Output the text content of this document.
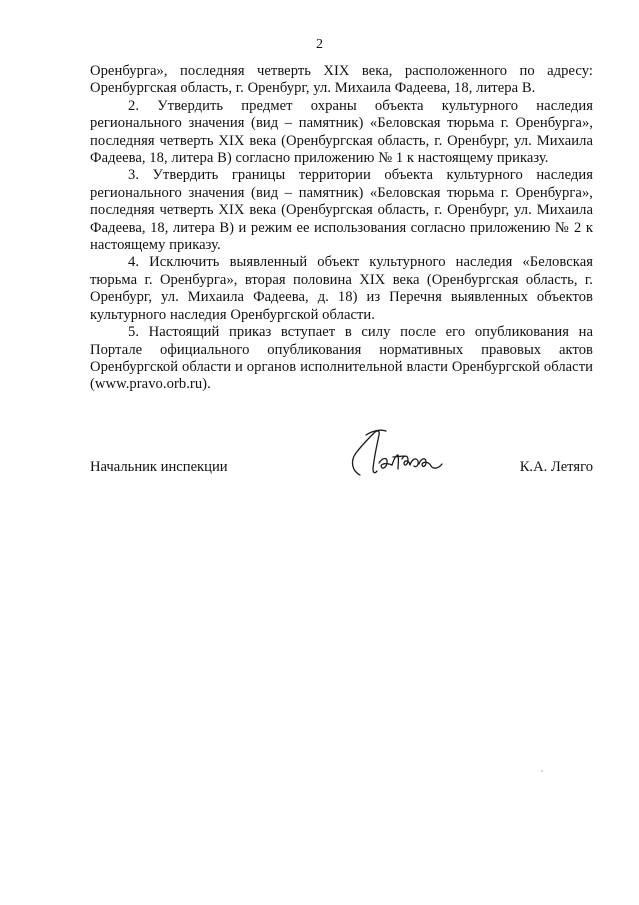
2

Оренбурга», последняя четверть XIX века, расположенного по адресу: Оренбургская область, г. Оренбург, ул. Михаила Фадеева, 18, литера В.

2. Утвердить предмет охраны объекта культурного наследия регионального значения (вид – памятник) «Беловская тюрьма г. Оренбурга», последняя четверть XIX века (Оренбургская область, г. Оренбург, ул. Михаила Фадеева, 18, литера В) согласно приложению № 1 к настоящему приказу.

3. Утвердить границы территории объекта культурного наследия регионального значения (вид – памятник) «Беловская тюрьма г. Оренбурга», последняя четверть XIX века (Оренбургская область, г. Оренбург, ул. Михаила Фадеева, 18, литера В) и режим ее использования согласно приложению № 2 к настоящему приказу.

4. Исключить выявленный объект культурного наследия «Беловская тюрьма г. Оренбурга», вторая половина XIX века (Оренбургская область, г. Оренбург, ул. Михаила Фадеева, д. 18) из Перечня выявленных объектов культурного наследия Оренбургской области.

5. Настоящий приказ вступает в силу после его опубликования на Портале официального опубликования нормативных правовых актов Оренбургской области и органов исполнительной власти Оренбургской области (www.pravo.orb.ru).

Начальник инспекции	К.А. Летяго
